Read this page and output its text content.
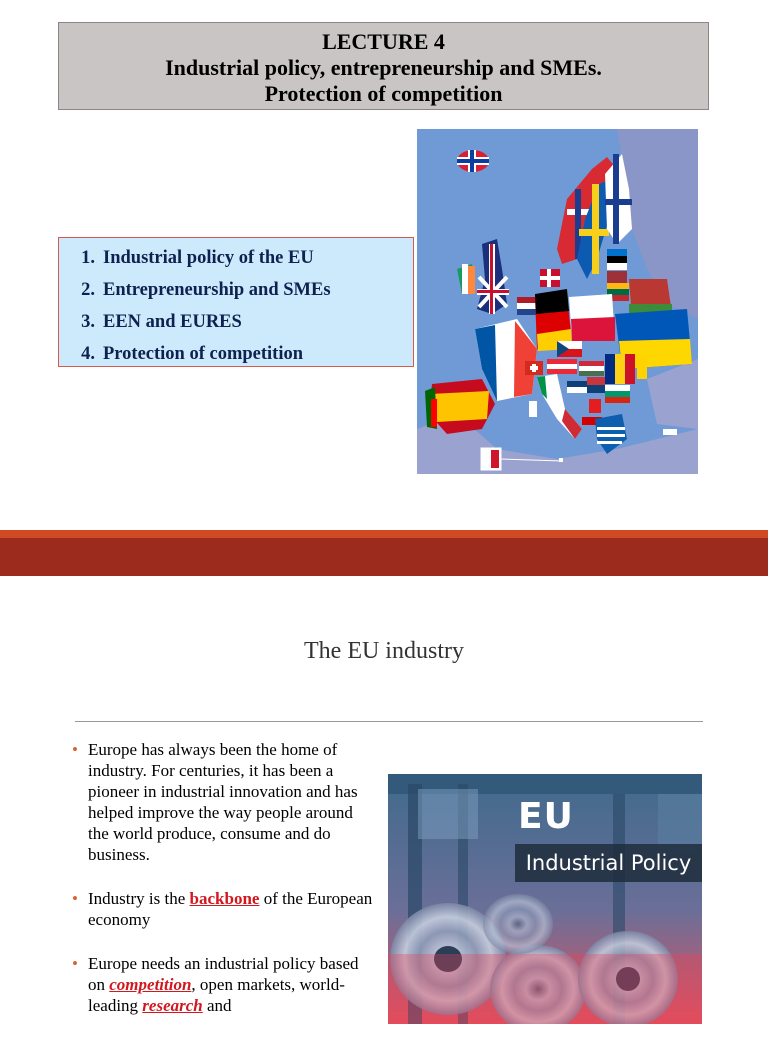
LECTURE 4
Industrial policy, entrepreneurship and SMEs.
Protection of competition
1. Industrial policy of the EU
2. Entrepreneurship and SMEs
3. EEN and EURES
4. Protection of competition
The EU industry
• Europe has always been the home of industry. For centuries, it has been a pioneer in industrial innovation and has helped improve the way people around the world produce, consume and do business.
• Industry is the backbone of the European economy
• Europe needs an industrial policy based on competition, open markets, world-leading research and
EU
Industrial Policy
